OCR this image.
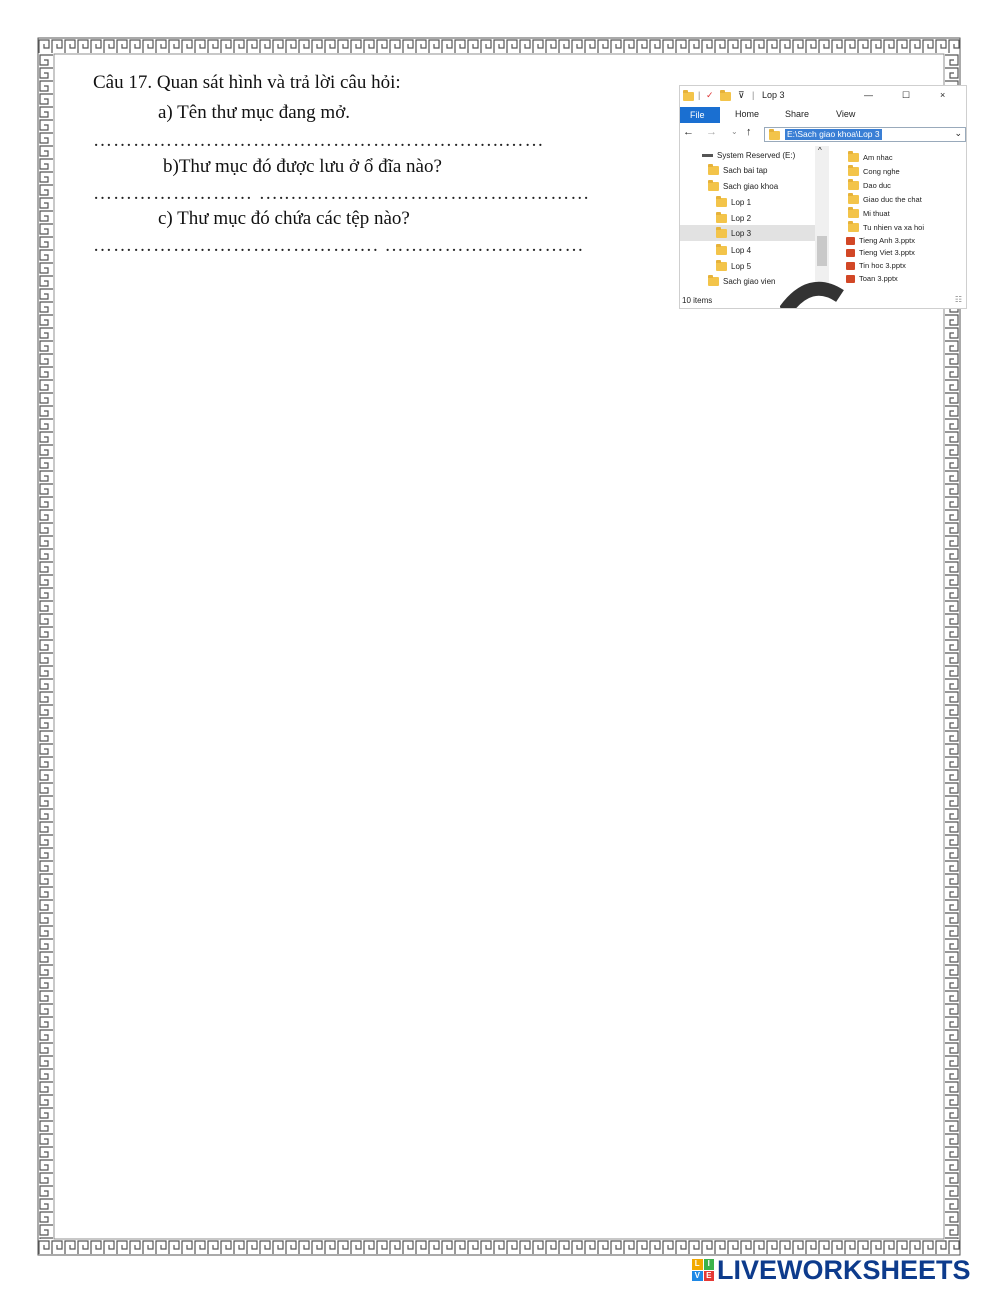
Câu 17. Quan sát hình và trả lời câu hỏi:
a) Tên thư mục đang mở.
……………………………………………………..……
b)Thư mục đó được lưu ở ổ đĩa nào?
…………………… …..………………………………………
c) Thư mục đó chứa các tệp nào?
……………………………………. …………………………
| ✓	⊽ | Lop 3	—	☐	×
File	Home	Share	View
← → ⌄ ↑	E:\Sach giao khoa\Lop 3	⌄
System Reserved (E:)
Sach bai tap
Sach giao khoa
Lop 1
Lop 2
Lop 3
Lop 4
Lop 5
Sach giao vien
^
⌄
Am nhac
Cong nghe
Dao duc
Giao duc the chat
Mi thuat
Tu nhien va xa hoi
Tieng Anh 3.pptx
Tieng Viet 3.pptx
Tin hoc 3.pptx
Toan 3.pptx
10 items	☷
L I
V E LIVEWORKSHEETS
